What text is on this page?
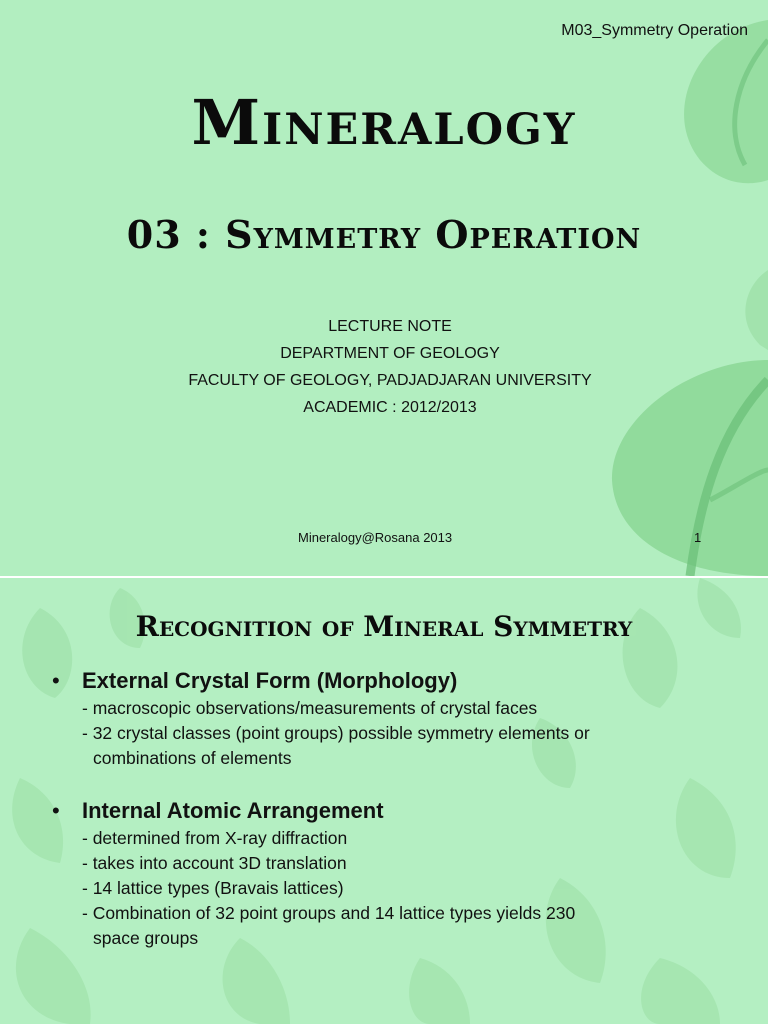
M03_Symmetry Operation
Mineralogy
03 : Symmetry Operation
LECTURE NOTE
DEPARTMENT OF GEOLOGY
FACULTY OF GEOLOGY, PADJADJARAN UNIVERSITY
ACADEMIC : 2012/2013
Mineralogy@Rosana 2013	1
Recognition of Mineral Symmetry
•	External Crystal Form (Morphology)
- macroscopic observations/measurements of crystal faces
- 32 crystal classes (point groups) possible symmetry elements or
combinations of elements
•	Internal Atomic Arrangement
- determined from X-ray diffraction
- takes into account 3D translation
- 14 lattice types (Bravais lattices)
- Combination of 32 point groups and 14 lattice types yields 230
space groups
